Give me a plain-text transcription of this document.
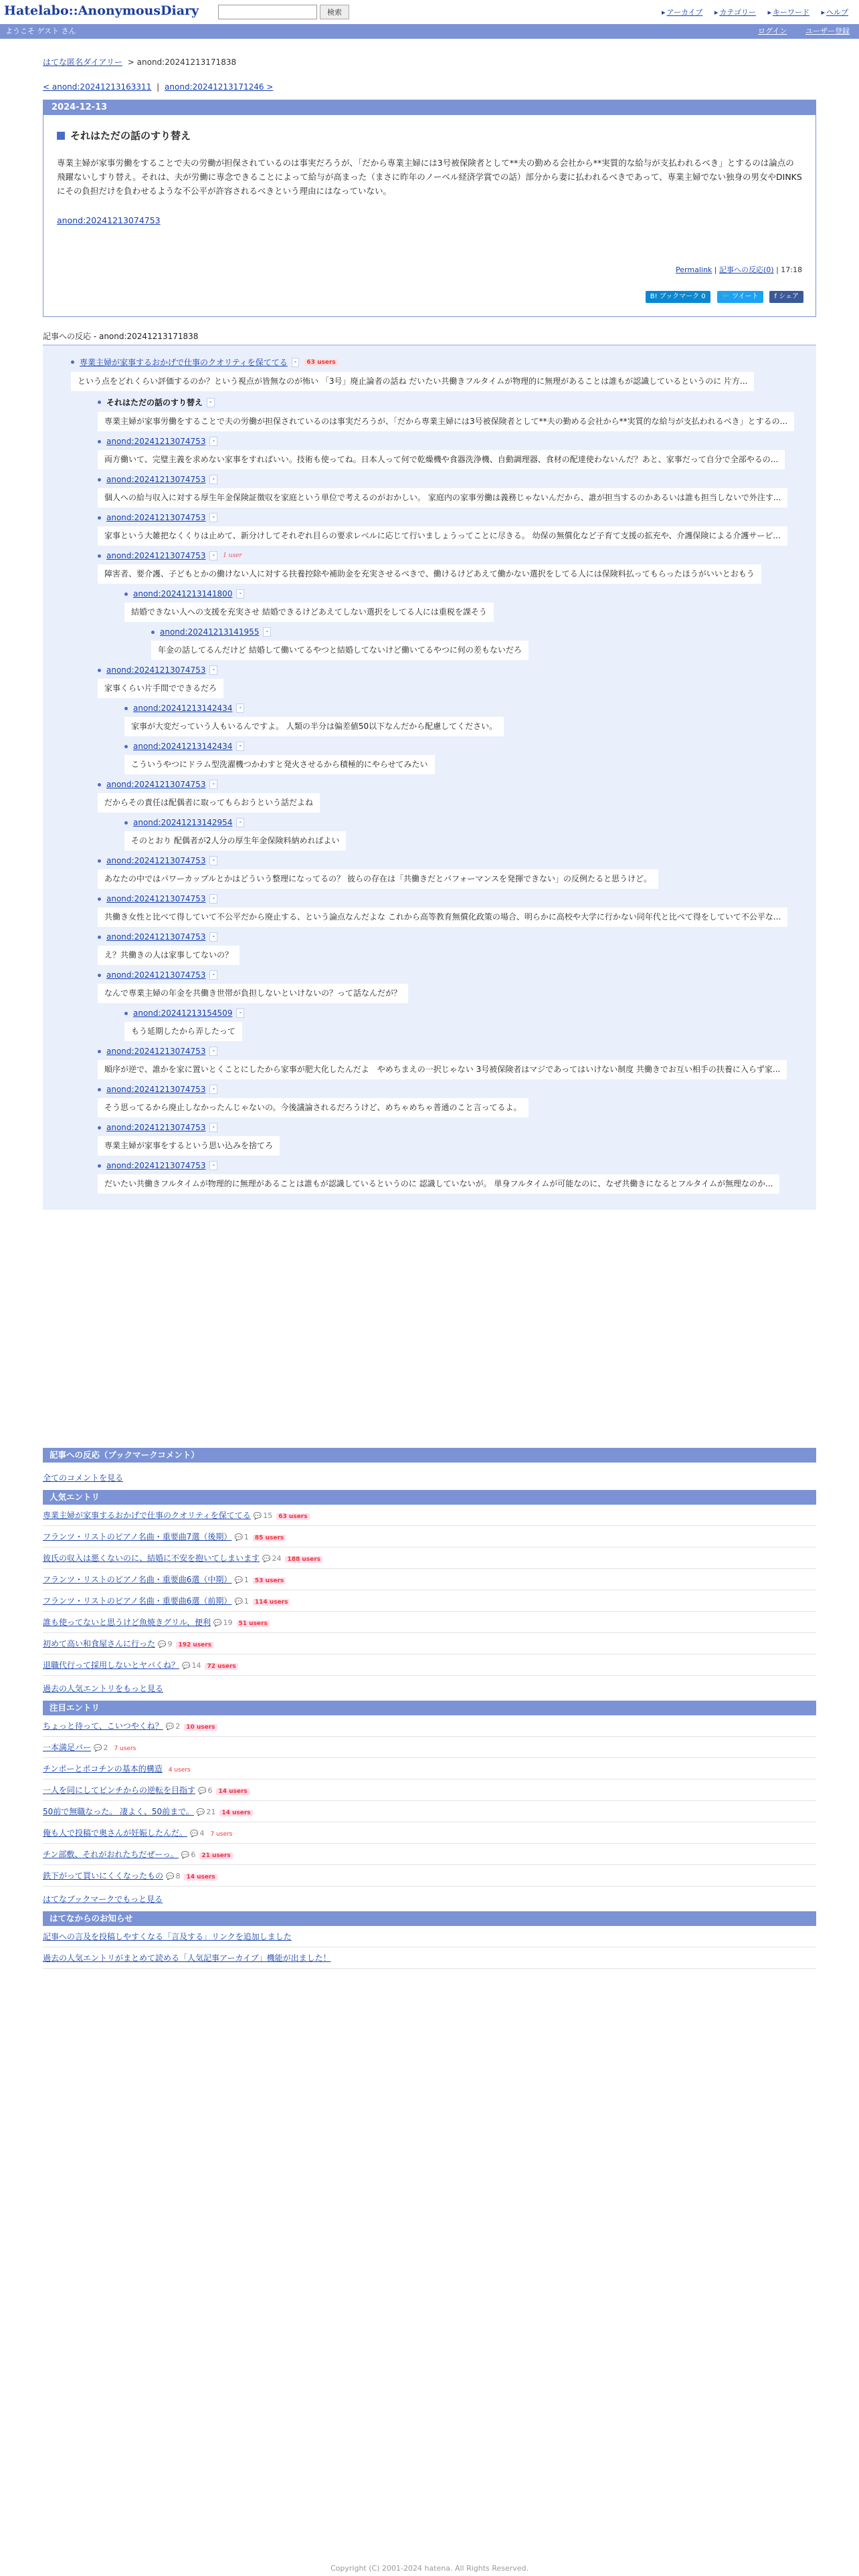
Hatelabo::AnonymousDiary	検索	▸ アーカイブ ▸ カテゴリー ▸ キーワード ▸ ヘルプ
ようこそ ゲスト さん	ログイン	ユーザー登録
はてな匿名ダイアリー > anond:20241213171838
< anond:20241213163311 | anond:20241213171246 >
2024-12-13
それはただの話のすり替え
専業主婦が家事労働をすることで夫の労働が担保されているのは事実だろうが、「だから専業主婦には3号被保険者として**夫の勤める会社から**実質的な給与が支払われるべき」とするのは論点の飛躍ないしすり替え。それは、夫が労働に専念できることによって給与が高まった（まさに昨年のノーベル経済学賞での話）部分から妻に払われるべきであって、専業主婦でない独身の男女やDINKSにその負担だけを負わせるような不公平が許容されるべきという理由にはなっていない。
anond:20241213074753
Permalink | 記事への反応(0) | 17:18
B! ブックマーク 0 🐦 ツイート f シェア
記事への反応 - anond:20241213171838
専業主婦が家事するおかげで仕事のクオリティを保ててる	-	63 users
という点をどれくらい評価するのか？という視点が皆無なのが怖い 「3号」廃止論者の話ね だいたい共働きフルタイムが物理的に無理があることは誰もが認識しているというのに 片方...
それはただの話のすり替え	-
専業主婦が家事労働をすることで夫の労働が担保されているのは事実だろうが、「だから専業主婦には3号被保険者として**夫の勤める会社から**実質的な給与が支払われるべき」とするの...
anond:20241213074753	-
両方働いて、完璧主義を求めない家事をすればいい。技術も使ってね。日本人って何で乾燥機や食器洗浄機、自動調理器、食材の配達使わないんだ？あと、家事だって自分で全部やるの...
anond:20241213074753	-
個人への給与収入に対する厚生年金保険証徴収を家庭という単位で考えるのがおかしい。 家庭内の家事労働は義務じゃないんだから、誰が担当するのかあるいは誰も担当しないで外注す...
anond:20241213074753	-
家事という大雑把なくくりは止めて、新分けしてそれぞれ目らの要求レベルに応じて行いましょうってことに尽きる。 幼保の無償化など子育て支援の拡充や、介護保険による介護サービ...
anond:20241213074753	-	1 user
障害者、要介護、子どもとかの働けない人に対する扶養控除や補助金を充実させるべきで、働けるけどあえて働かない選択をしてる人には保険料払ってもらったほうがいいとおもう
anond:20241213141800	-
結婚できない人への支援を充実させ 結婚できるけどあえてしない選択をしてる人には重税を課そう
anond:20241213141955	-
年金の話してるんだけど 結婚して働いてるやつと結婚してないけど働いてるやつに何の差もないだろ
anond:20241213074753	-
家事くらい片手間でできるだろ
anond:20241213142434	-
家事が大変だっていう人もいるんですよ。 人類の半分は偏差値50以下なんだから配慮してください。
anond:20241213142434	-
こういうやつにドラム型洗濯機つかわすと発火させるから積極的にやらせてみたい
anond:20241213074753	-
だからその責任は配偶者に取ってもらおうという話だよね
anond:20241213142954	-
そのとおり 配偶者が2人分の厚生年金保険料納めればよい
anond:20241213074753	-
あなたの中ではパワーカップルとかはどういう整理になってるの？ 彼らの存在は「共働きだとパフォーマンスを発揮できない」の反例たると思うけど。
anond:20241213074753	-
共働き女性と比べて得していて不公平だから廃止する、という論点なんだよな これから高等教育無償化政策の場合、明らかに高校や大学に行かない同年代と比べて得をしていて不公平な...
anond:20241213074753	-
え？共働きの人は家事してないの？
anond:20241213074753	-
なんで専業主婦の年金を共働き世帯が負担しないといけないの？って話なんだが？
anond:20241213154509	-
もう延期したから弄したって
anond:20241213074753	-
順序が逆で、誰かを家に置いとくことにしたから家事が肥大化したんだよ　やめちまえの一択じゃない 3号被保険者はマジであってはいけない制度 共働きでお互い相手の扶養に入らず家...
anond:20241213074753	-
そう思ってるから廃止しなかったんじゃないの。今後議論されるだろうけど、めちゃめちゃ普通のこと言ってるよ。
anond:20241213074753	-
専業主婦が家事をするという思い込みを捨てろ
anond:20241213074753	-
だいたい共働きフルタイムが物理的に無理があることは誰もが認識しているというのに 認識していないが。 単身フルタイムが可能なのに、なぜ共働きになるとフルタイムが無理なのか...
記事への反応（ブックマークコメント）
全てのコメントを見る
人気エントリ
専業主婦が家事するおかげで仕事のクオリティを保ててる 💬 15 63 users
フランツ・リストのピアノ名曲・重要曲7選（後期） 💬 1 85 users
彼氏の収入は悪くないのに、結婚に不安を抱いてしまいます 💬 24 188 users
フランツ・リストのピアノ名曲・重要曲6選（中期） 💬 1 53 users
フランツ・リストのピアノ名曲・重要曲6選（前期） 💬 1 114 users
誰も使ってないと思うけど魚焼きグリル、便利 💬 19 51 users
初めて高い和食屋さんに行った 💬 9 192 users
退職代行って採用しないとヤバくね？ 💬 14 72 users
過去の人気エントリをもっと見る
注目エントリ
ちょっと待って、こいつやくね？ 💬 2 10 users
一本満足バー 💬 2 7 users
チンポーとポコチンの基本的構造 4 users
一人を同にしてピンチからの逆転を目指す 💬 6 14 users
50前で無職なった。 凄よく、50前まで。 💬 21 14 users
俺も人で投稿で奥さんが妊娠したんだ。 💬 4 7 users
チン部敷、それがおれたちだぜーっ。 💬 6 21 users
鉄下がって買いにくくなったもの 💬 8 14 users
はてなブックマークでもっと見る
はてなからのお知らせ
記事への言及を投稿しやすくなる「言及する」リンクを追加しました
過去の人気エントリがまとめて読める「人気記事アーカイブ」機能が出ました！
Copyright (C) 2001-2024 hatena. All Rights Reserved.
